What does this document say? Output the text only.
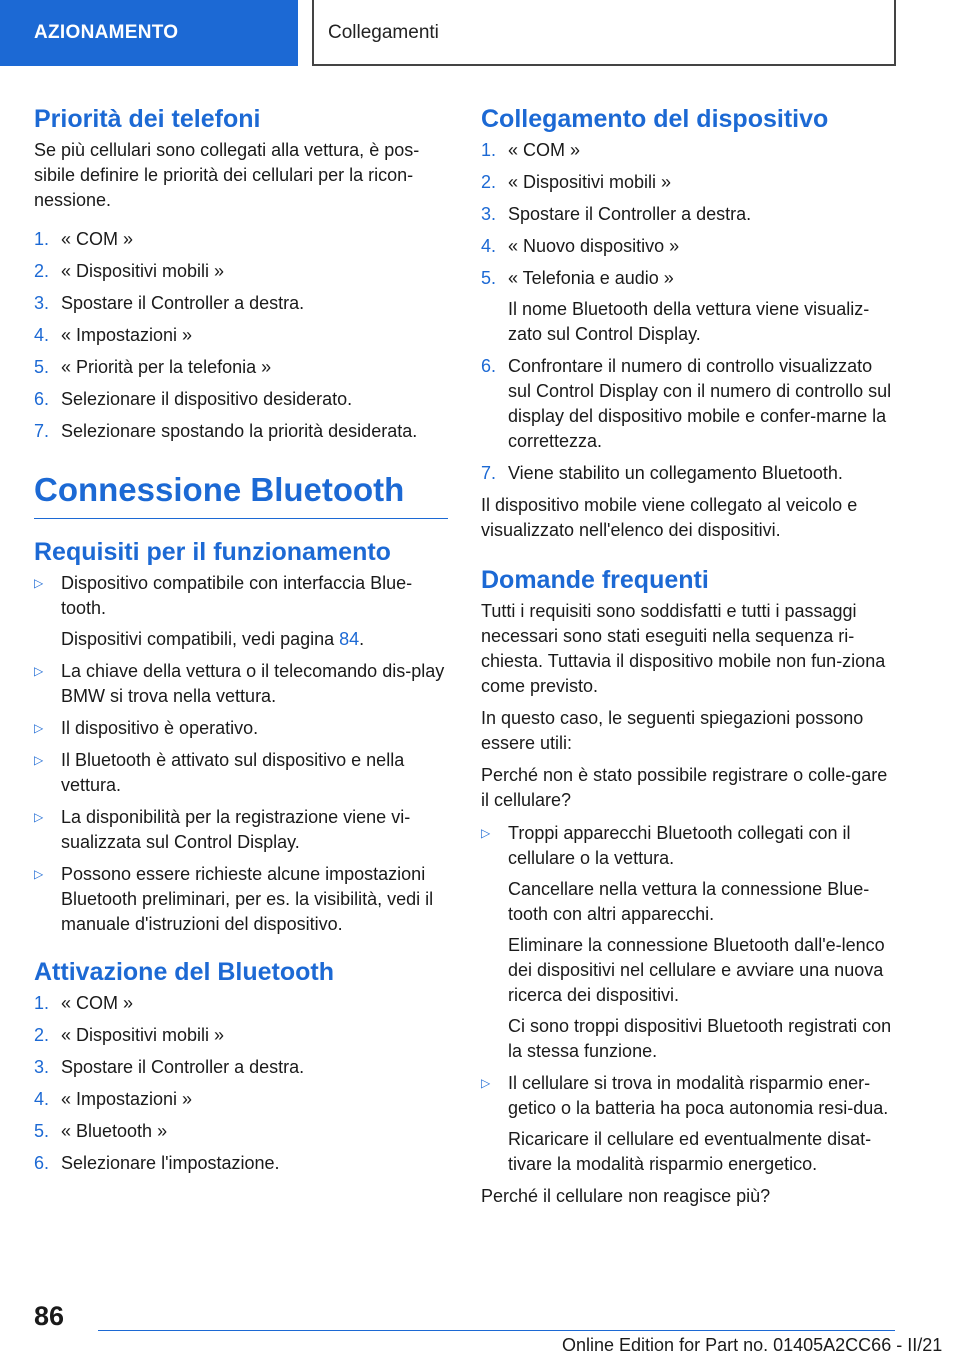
AZIONAMENTO	Collegamenti
Priorità dei telefoni

Se più cellulari sono collegati alla vettura, è pos-sibile definire le priorità dei cellulari per la ricon-nessione.

1. « COM »
2. « Dispositivi mobili »
3. Spostare il Controller a destra.
4. « Impostazioni »
5. « Priorità per la telefonia »
6. Selezionare il dispositivo desiderato.
7. Selezionare spostando la priorità desiderata.
Connessione Bluetooth
Requisiti per il funzionamento
▷ Dispositivo compatibile con interfaccia Blue-tooth.
Dispositivi compatibili, vedi pagina 84.
▷ La chiave della vettura o il telecomando dis-play BMW si trova nella vettura.
▷ Il dispositivo è operativo.
▷ Il Bluetooth è attivato sul dispositivo e nella vettura.
▷ La disponibilità per la registrazione viene vi-sualizzata sul Control Display.
▷ Possono essere richieste alcune impostazioni Bluetooth preliminari, per es. la visibilità, vedi il manuale d'istruzioni del dispositivo.
Attivazione del Bluetooth
1. « COM »
2. « Dispositivi mobili »
3. Spostare il Controller a destra.
4. « Impostazioni »
5. « Bluetooth »
6. Selezionare l'impostazione.
Collegamento del dispositivo
1. « COM »
2. « Dispositivi mobili »
3. Spostare il Controller a destra.
4. « Nuovo dispositivo »
5. « Telefonia e audio »
Il nome Bluetooth della vettura viene visualiz-zato sul Control Display.
6. Confrontare il numero di controllo visualizzato sul Control Display con il numero di controllo sul display del dispositivo mobile e confer-marne la correttezza.
7. Viene stabilito un collegamento Bluetooth.

Il dispositivo mobile viene collegato al veicolo e visualizzato nell'elenco dei dispositivi.

Domande frequenti

Tutti i requisiti sono soddisfatti e tutti i passaggi necessari sono stati eseguiti nella sequenza ri-chiesta. Tuttavia il dispositivo mobile non fun-ziona come previsto.

In questo caso, le seguenti spiegazioni possono essere utili:

Perché non è stato possibile registrare o colle-gare il cellulare?

▷ Troppi apparecchi Bluetooth collegati con il cellulare o la vettura.
Cancellare nella vettura la connessione Blue-tooth con altri apparecchi.
Eliminare la connessione Bluetooth dall'e-lenco dei dispositivi nel cellulare e avviare una nuova ricerca dei dispositivi.
Ci sono troppi dispositivi Bluetooth registrati con la stessa funzione.
▷ Il cellulare si trova in modalità risparmio ener-getico o la batteria ha poca autonomia resi-dua.
Ricaricare il cellulare ed eventualmente disat-tivare la modalità risparmio energetico.

Perché il cellulare non reagisce più?

86
Online Edition for Part no. 01405A2CC66 - II/21
